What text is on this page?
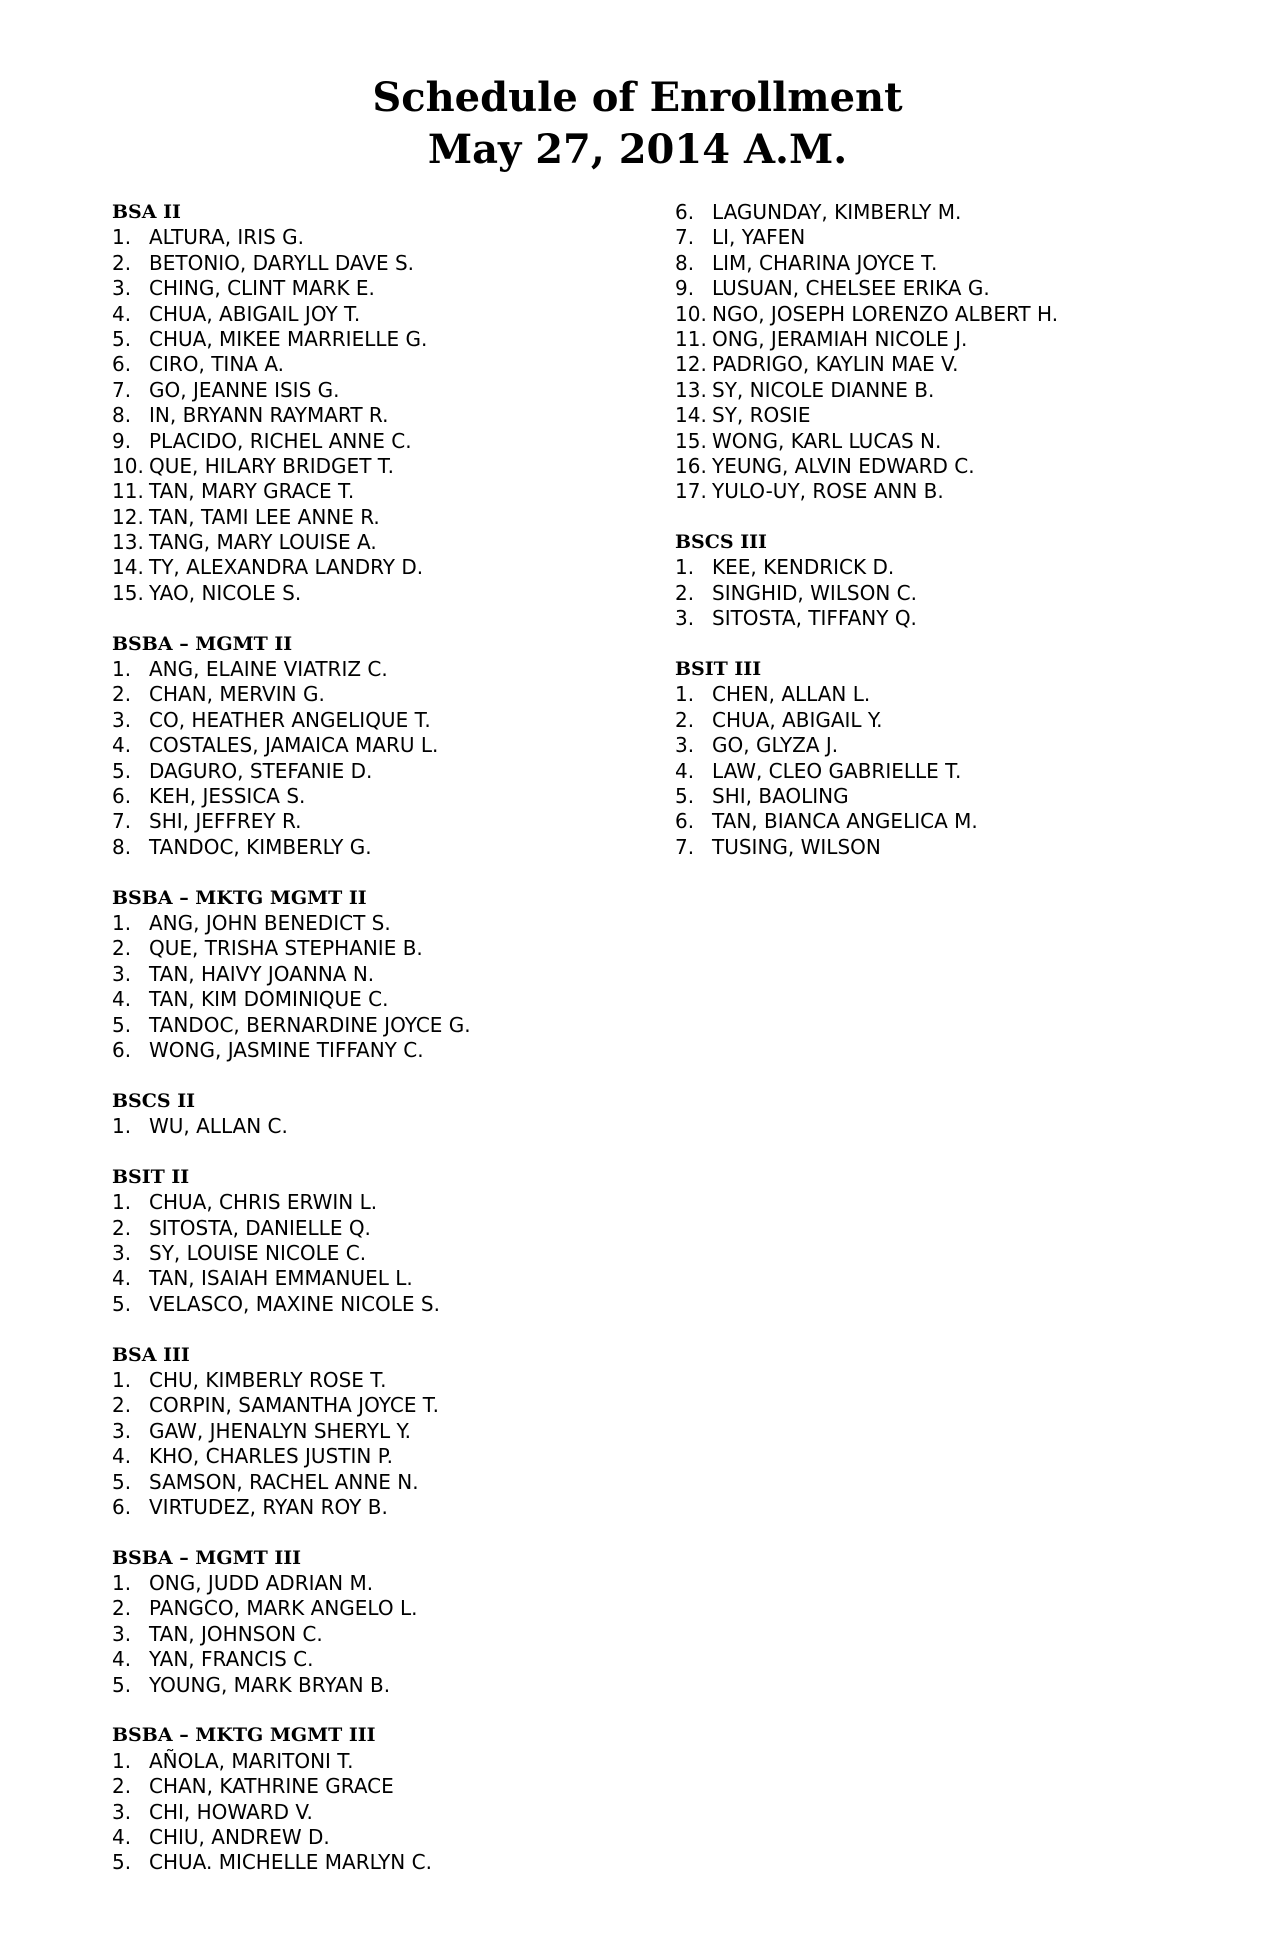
Schedule of Enrollment
May 27, 2014 A.M.
BSA II
1. ALTURA, IRIS G.
2. BETONIO, DARYLL DAVE S.
3. CHING, CLINT MARK E.
4. CHUA, ABIGAIL JOY T.
5. CHUA, MIKEE MARRIELLE G.
6. CIRO, TINA A.
7. GO, JEANNE ISIS G.
8. IN, BRYANN RAYMART R.
9. PLACIDO, RICHEL ANNE C.
10. QUE, HILARY BRIDGET T.
11. TAN, MARY GRACE T.
12. TAN, TAMI LEE ANNE R.
13. TANG, MARY LOUISE A.
14. TY, ALEXANDRA LANDRY D.
15. YAO, NICOLE S.
BSBA – MGMT II
1. ANG, ELAINE VIATRIZ C.
2. CHAN, MERVIN G.
3. CO, HEATHER ANGELIQUE T.
4. COSTALES, JAMAICA MARU L.
5. DAGURO, STEFANIE D.
6. KEH, JESSICA S.
7. SHI, JEFFREY R.
8. TANDOC, KIMBERLY G.
BSBA – MKTG MGMT II
1. ANG, JOHN BENEDICT S.
2. QUE, TRISHA STEPHANIE B.
3. TAN, HAIVY JOANNA N.
4. TAN, KIM DOMINIQUE C.
5. TANDOC, BERNARDINE JOYCE G.
6. WONG, JASMINE TIFFANY C.
BSCS II
1. WU, ALLAN C.
BSIT II
1. CHUA, CHRIS ERWIN L.
2. SITOSTA, DANIELLE Q.
3. SY, LOUISE NICOLE C.
4. TAN, ISAIAH EMMANUEL L.
5. VELASCO, MAXINE NICOLE S.
BSA III
1. CHU, KIMBERLY ROSE T.
2. CORPIN, SAMANTHA JOYCE T.
3. GAW, JHENALYN SHERYL Y.
4. KHO, CHARLES JUSTIN P.
5. SAMSON, RACHEL ANNE N.
6. VIRTUDEZ, RYAN ROY B.
BSBA – MGMT III
1. ONG, JUDD ADRIAN M.
2. PANGCO, MARK ANGELO L.
3. TAN, JOHNSON C.
4. YAN, FRANCIS C.
5. YOUNG, MARK BRYAN B.
BSBA – MKTG MGMT III
1. AÑOLA, MARITONI T.
2. CHAN, KATHRINE GRACE
3. CHI, HOWARD V.
4. CHIU, ANDREW D.
5. CHUA. MICHELLE MARLYN C.
6. LAGUNDAY, KIMBERLY M.
7. LI, YAFEN
8. LIM, CHARINA JOYCE T.
9. LUSUAN, CHELSEE ERIKA G.
10. NGO, JOSEPH LORENZO ALBERT H.
11. ONG, JERAMIAH NICOLE J.
12. PADRIGO, KAYLIN MAE V.
13. SY, NICOLE DIANNE B.
14. SY, ROSIE
15. WONG, KARL LUCAS N.
16. YEUNG, ALVIN EDWARD C.
17. YULO-UY, ROSE ANN B.
BSCS III
1. KEE, KENDRICK D.
2. SINGHID, WILSON C.
3. SITOSTA, TIFFANY Q.
BSIT III
1. CHEN, ALLAN L.
2. CHUA, ABIGAIL Y.
3. GO, GLYZA J.
4. LAW, CLEO GABRIELLE T.
5. SHI, BAOLING
6. TAN, BIANCA ANGELICA M.
7. TUSING, WILSON
